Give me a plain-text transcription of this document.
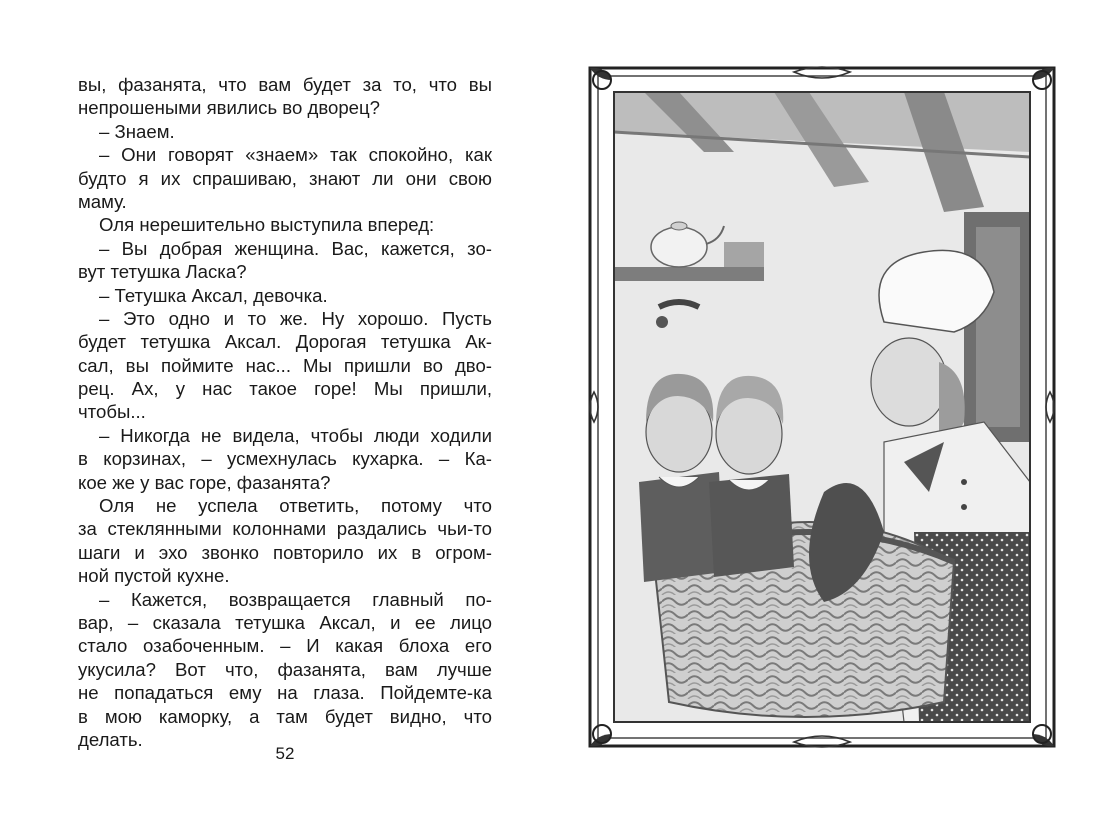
вы, фазанята, что вам будет за то, что вы
непрошеными явились во дворец?
– Знаем.
– Они говорят «знаем» так спокойно, как
будто я их спрашиваю, знают ли они свою
маму.
Оля нерешительно выступила вперед:
– Вы добрая женщина. Вас, кажется, зо-
вут тетушка Ласка?
– Тетушка Аксал, девочка.
– Это одно и то же. Ну хорошо. Пусть
будет тетушка Аксал. Дорогая тетушка Ак-
сал, вы поймите нас... Мы пришли во дво-
рец. Ах, у нас такое горе! Мы пришли,
чтобы...
– Никогда не видела, чтобы люди ходили
в корзинах, – усмехнулась кухарка. – Ка-
кое же у вас горе, фазанята?
Оля не успела ответить, потому что
за стеклянными колоннами раздались чьи-то
шаги и эхо звонко повторило их в огром-
ной пустой кухне.
– Кажется, возвращается главный по-
вар, – сказала тетушка Аксал, и ее лицо
стало озабоченным. – И какая блоха его
укусила? Вот что, фазанята, вам лучше
не попадаться ему на глаза. Пойдемте-ка
в мою каморку, а там будет видно, что
делать.
52
